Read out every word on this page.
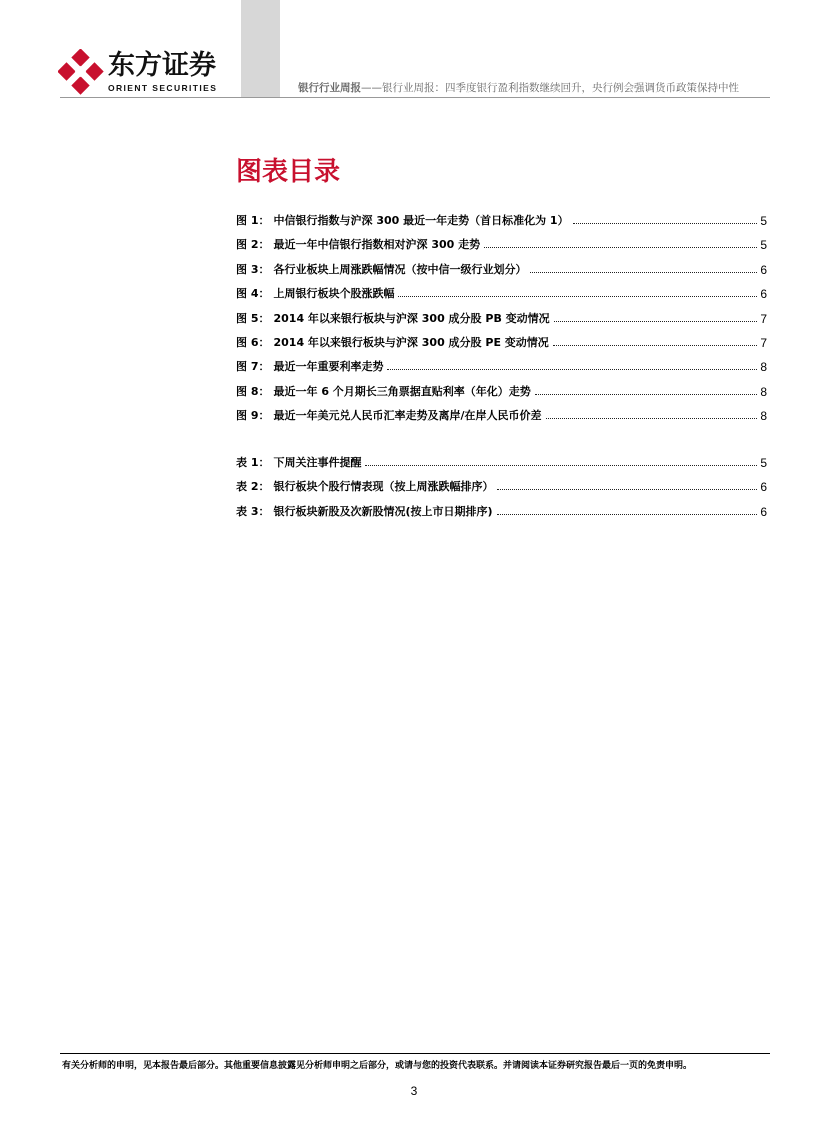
东方证券
ORIENT SECURITIES	银行行业周报——银行业周报：四季度银行盈利指数继续回升，央行例会强调货币政策保持中性
图表目录
图 1： 中信银行指数与沪深 300 最近一年走势（首日标准化为 1）	5
图 2： 最近一年中信银行指数相对沪深 300 走势	5
图 3： 各行业板块上周涨跌幅情况（按中信一级行业划分）	6
图 4： 上周银行板块个股涨跌幅	6
图 5： 2014 年以来银行板块与沪深 300 成分股 PB 变动情况	7
图 6： 2014 年以来银行板块与沪深 300 成分股 PE 变动情况	7
图 7： 最近一年重要利率走势	8
图 8： 最近一年 6 个月期长三角票据直贴利率（年化）走势	8
图 9： 最近一年美元兑人民币汇率走势及离岸/在岸人民币价差	8
表 1： 下周关注事件提醒	5
表 2： 银行板块个股行情表现（按上周涨跌幅排序）	6
表 3： 银行板块新股及次新股情况(按上市日期排序)	6
有关分析师的申明，见本报告最后部分。其他重要信息披露见分析师申明之后部分，或请与您的投资代表联系。并请阅读本证券研究报告最后一页的免责申明。
3
